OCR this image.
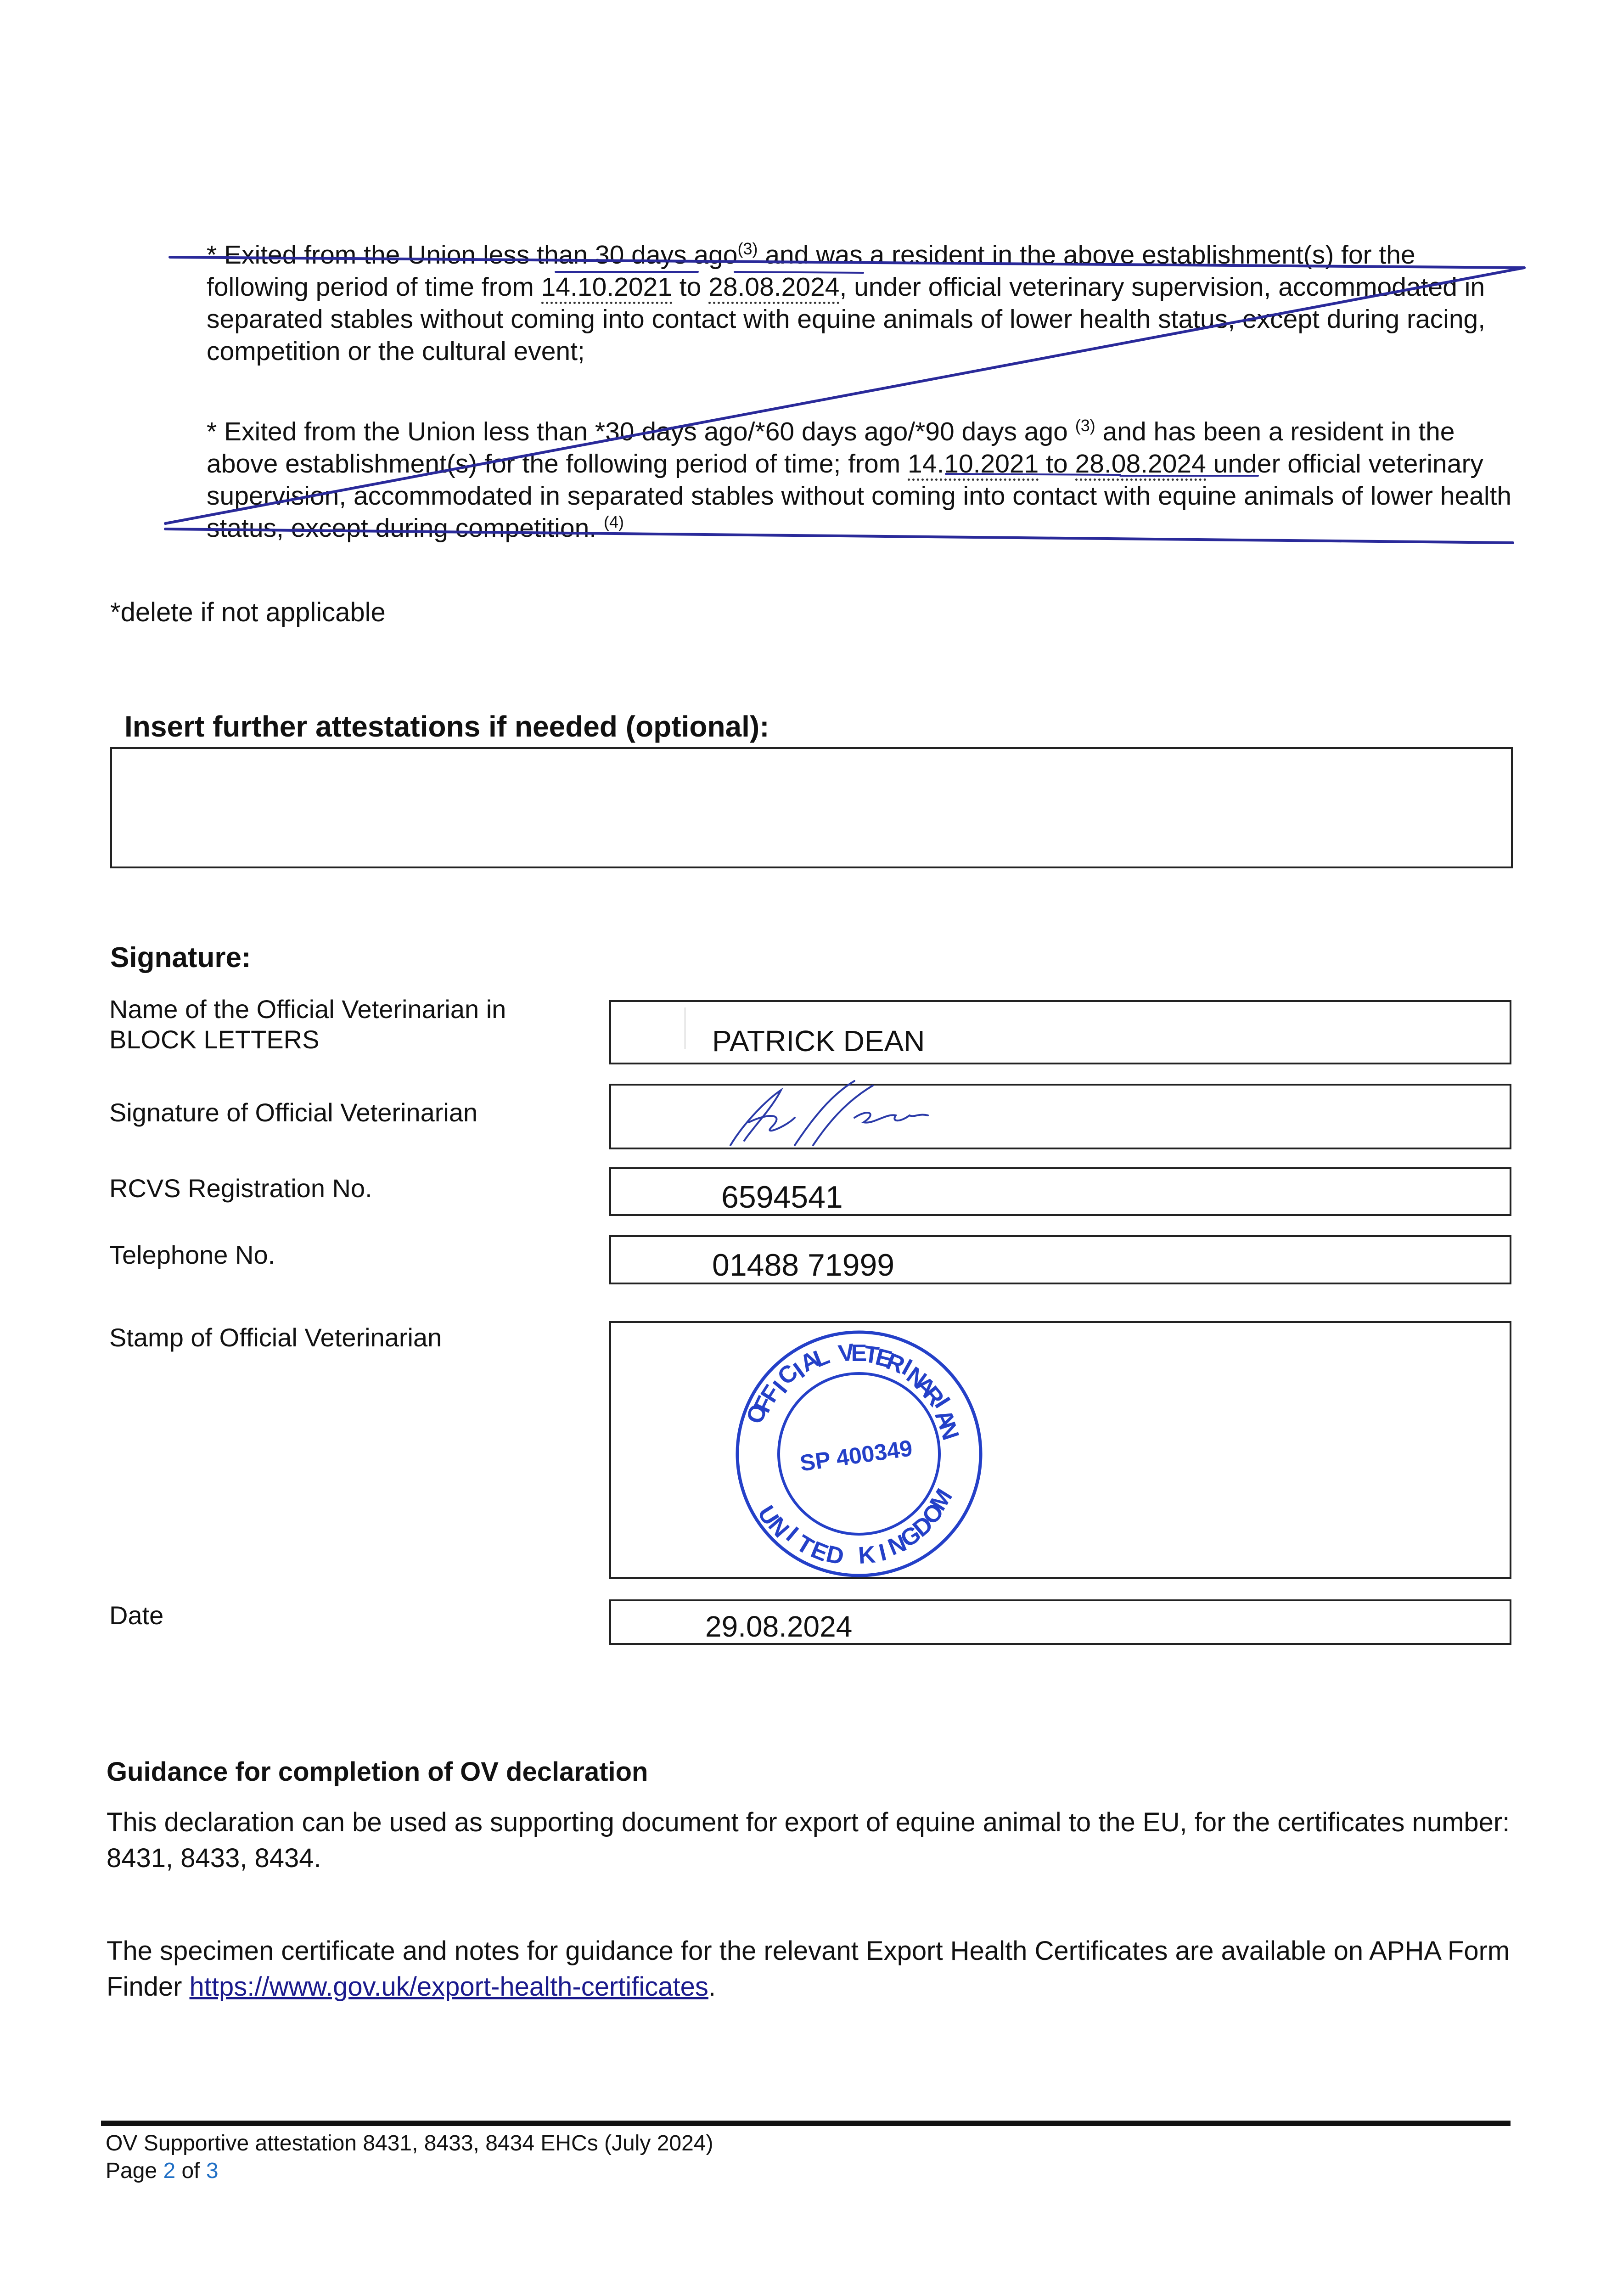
* Exited from the Union less than 30 days ago$^{(3)}$ and was a resident in the above establishment(s) for the following period of time from 14.10.2021 to 28.08.2024, under official veterinary supervision, accommodated in separated stables without coming into contact with equine animals of lower health status, except during racing, competition or the cultural event;
* Exited from the Union less than *30 days ago/*60 days ago/*90 days ago $^{(3)}$ and has been a resident in the above establishment(s) for the following period of time; from 14.10.2021 to 28.08.2024 under official veterinary supervision, accommodated in separated stables without coming into contact with equine animals of lower health status, except during competition. $^{(4)}$
*delete if not applicable
Insert further attestations if needed (optional):
Signature:
Name of the Official Veterinarian in BLOCK LETTERS	PATRICK DEAN
Signature of Official Veterinarian
RCVS Registration No.	6594541
Telephone No.	01488 71999
Stamp of Official Veterinarian
OFFICIAL VETERINARIAN
UNITED KINGDOM
SP 400349
Date	29.08.2024
Guidance for completion of OV declaration
This declaration can be used as supporting document for export of equine animal to the EU, for the certificates number: 8431, 8433, 8434.
The specimen certificate and notes for guidance for the relevant Export Health Certificates are available on APHA Form Finder https://www.gov.uk/export-health-certificates.
OV Supportive attestation 8431, 8433, 8434 EHCs (July 2024)
Page 2 of 3
